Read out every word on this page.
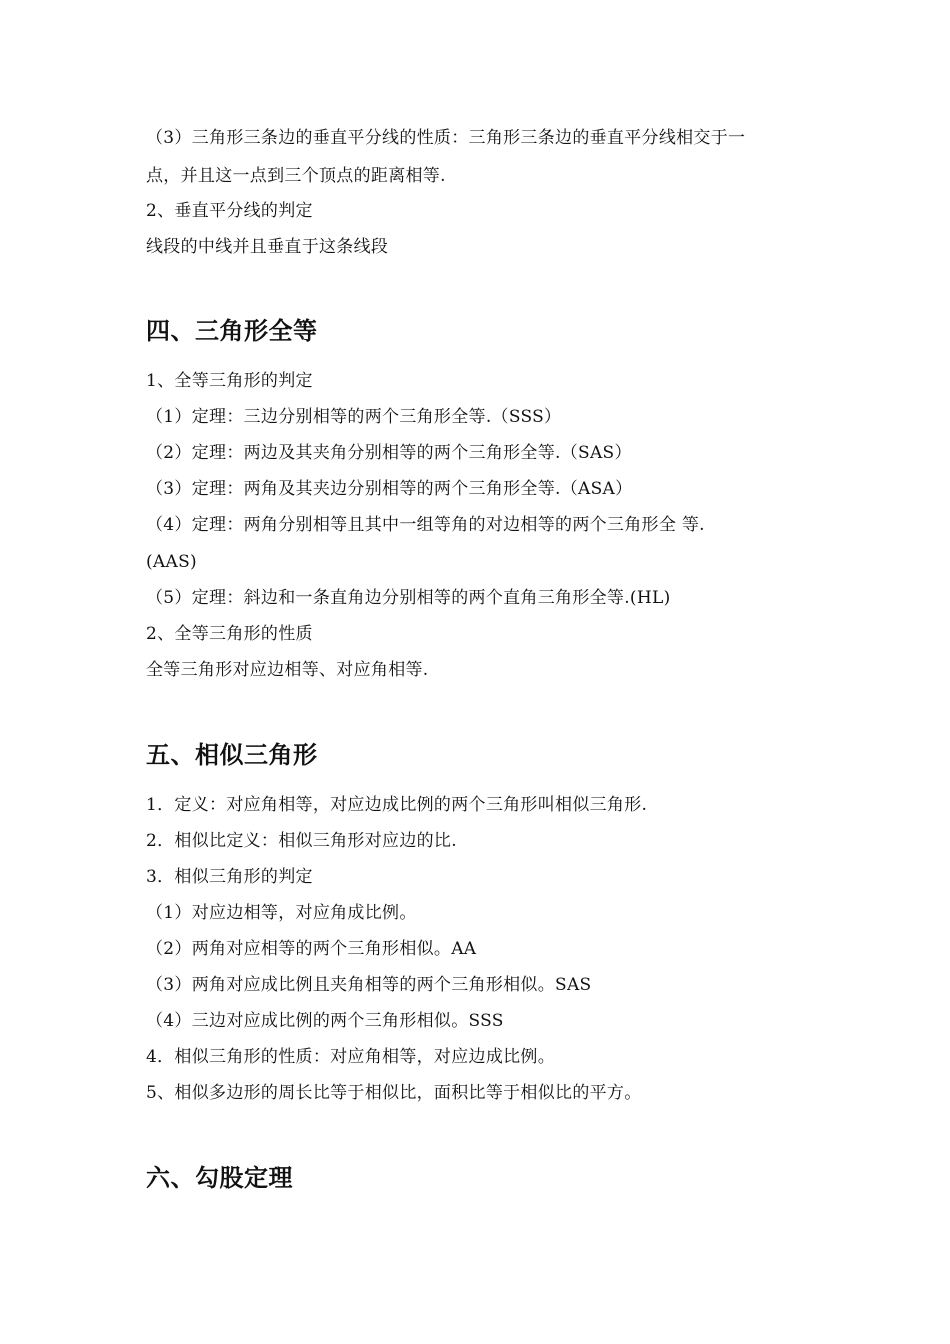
（3）三角形三条边的垂直平分线的性质：三角形三条边的垂直平分线相交于一
点，并且这一点到三个顶点的距离相等.
2、垂直平分线的判定
线段的中线并且垂直于这条线段
四、三角形全等
1、全等三角形的判定
（1）定理：三边分别相等的两个三角形全等.（SSS）
（2）定理：两边及其夹角分别相等的两个三角形全等.（SAS）
（3）定理：两角及其夹边分别相等的两个三角形全等.（ASA）
（4）定理：两角分别相等且其中一组等角的对边相等的两个三角形全 等.
(AAS)
（5）定理：斜边和一条直角边分别相等的两个直角三角形全等.(HL)
2、全等三角形的性质
全等三角形对应边相等、对应角相等.
五、相似三角形
1．定义：对应角相等，对应边成比例的两个三角形叫相似三角形.
2．相似比定义：相似三角形对应边的比.
3．相似三角形的判定
（1）对应边相等，对应角成比例。
（2）两角对应相等的两个三角形相似。AA
（3）两角对应成比例且夹角相等的两个三角形相似。SAS
（4）三边对应成比例的两个三角形相似。SSS
4．相似三角形的性质：对应角相等，对应边成比例。
5、相似多边形的周长比等于相似比，面积比等于相似比的平方。
六、勾股定理
